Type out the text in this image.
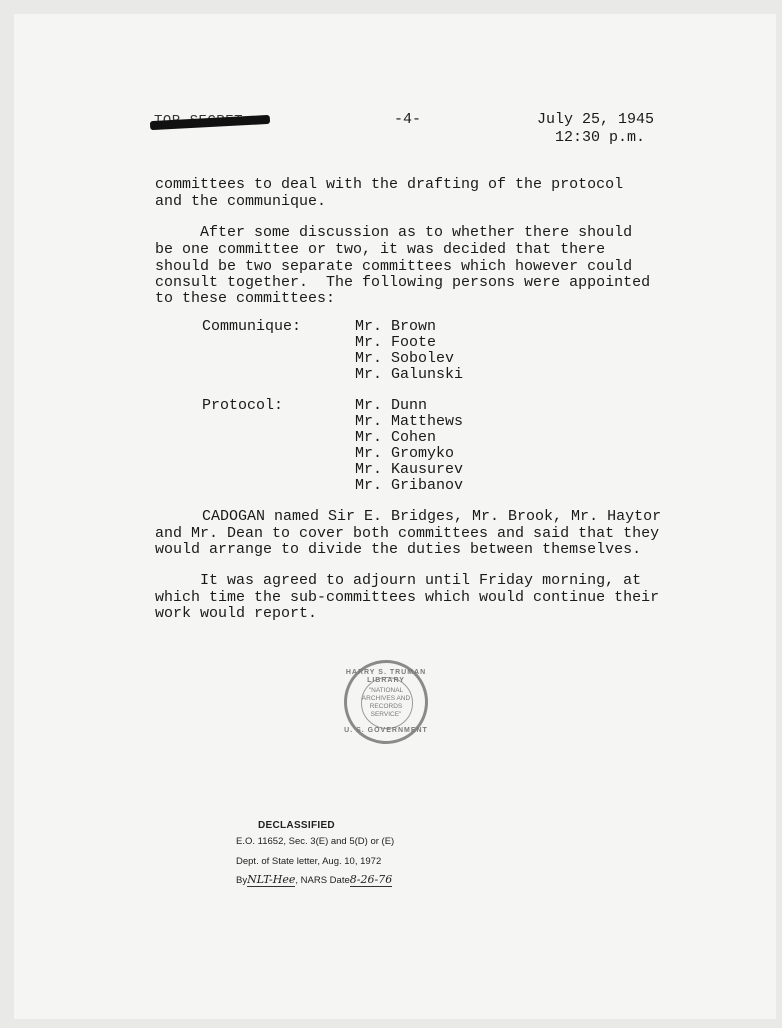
-4-	July 25, 1945
12:30 p.m.
committees to deal with the drafting of the protocol
and the communique.
After some discussion as to whether there should
be one committee or two, it was decided that there
should be two separate committees which however could
consult together.  The following persons were appointed
to these committees:
Communique:	Mr. Brown
Mr. Foote
Mr. Sobolev
Mr. Galunski
Protocol:	Mr. Dunn
Mr. Matthews
Mr. Cohen
Mr. Gromyko
Mr. Kausurev
Mr. Gribanov
CADOGAN named Sir E. Bridges, Mr. Brook, Mr. Haytor
and Mr. Dean to cover both committees and said that they
would arrange to divide the duties between themselves.
It was agreed to adjourn until Friday morning, at
which time the sub-committees which would continue their
work would report.
HARRY S. TRUMAN LIBRARY
"NATIONAL
ARCHIVES AND
RECORDS
SERVICE"
U. S. GOVERNMENT
DECLASSIFIED
E.O. 11652, Sec. 3(E) and 5(D) or (E)
Dept. of State letter, Aug. 10, 1972
ByNLT-Hee, NARS Date8-26-76
